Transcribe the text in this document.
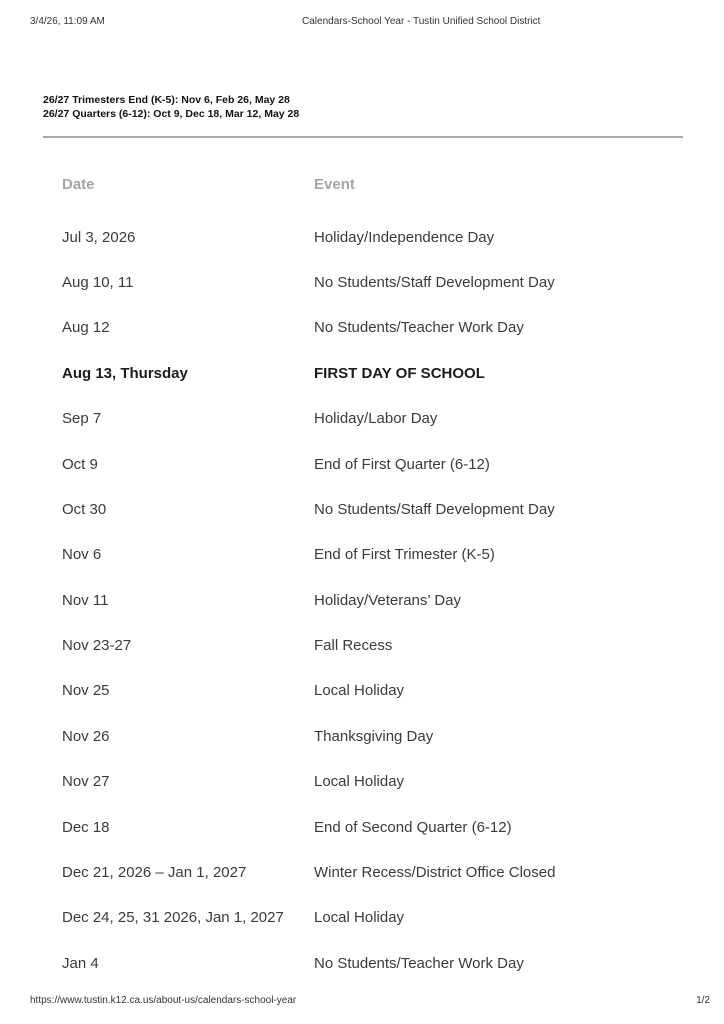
3/4/26, 11:09 AM	Calendars-School Year - Tustin Unified School District
26/27 Trimesters End (K-5): Nov 6, Feb 26, May 28
26/27 Quarters (6-12): Oct 9, Dec 18, Mar 12, May 28
Date	Event
Jul 3, 2026	Holiday/Independence Day
Aug 10, 11	No Students/Staff Development Day
Aug 12	No Students/Teacher Work Day
Aug 13, Thursday	FIRST DAY OF SCHOOL
Sep 7	Holiday/Labor Day
Oct 9	End of First Quarter (6-12)
Oct 30	No Students/Staff Development Day
Nov 6	End of First Trimester (K-5)
Nov 11	Holiday/Veterans’ Day
Nov 23-27	Fall Recess
Nov 25	Local Holiday
Nov 26	Thanksgiving Day
Nov 27	Local Holiday
Dec 18	End of Second Quarter (6-12)
Dec 21, 2026 – Jan 1, 2027	Winter Recess/District Office Closed
Dec 24, 25, 31 2026, Jan 1, 2027	Local Holiday
Jan 4	No Students/Teacher Work Day
https://www.tustin.k12.ca.us/about-us/calendars-school-year	1/2
